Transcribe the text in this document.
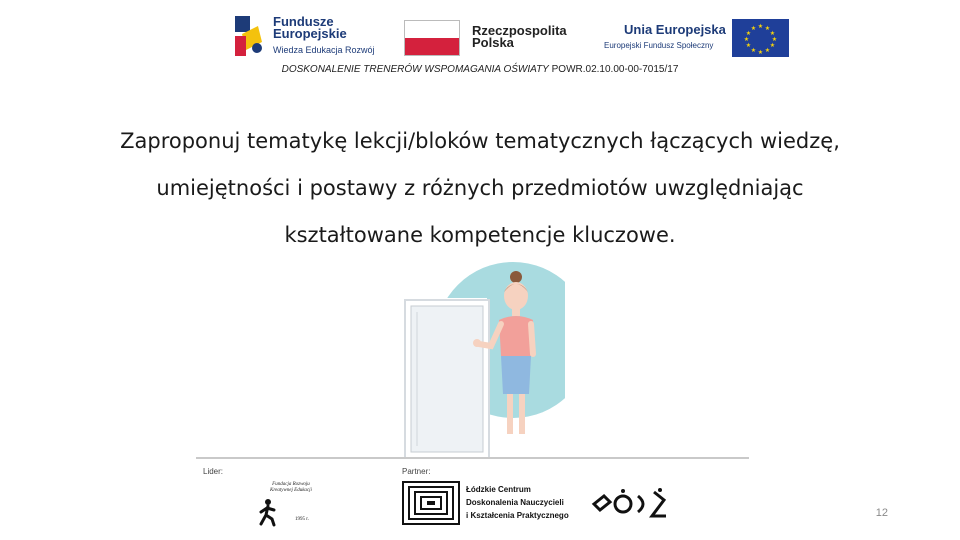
Fundusze
Europejskie
Wiedza Edukacja Rozwój
Rzeczpospolita
Polska
Unia Europejska
Europejski Fundusz Społeczny
★ ★
★
★
★
★
★
★
★
★
★
★
DOSKONALENIE TRENERÓW WSPOMAGANIA OŚWIATY POWR.02.10.00-00-7015/17
Zaproponuj tematykę lekcji/bloków tematycznych łączących wiedzę,
umiejętności i postawy z różnych przedmiotów uwzględniając
kształtowane kompetencje kluczowe.
Lider:	Partner:
Fundacja Rozwoju Kreatywnej Edukacji
1995 r.
Łódzkie Centrum
Doskonalenia Nauczycieli
i Kształcenia Praktycznego	12
